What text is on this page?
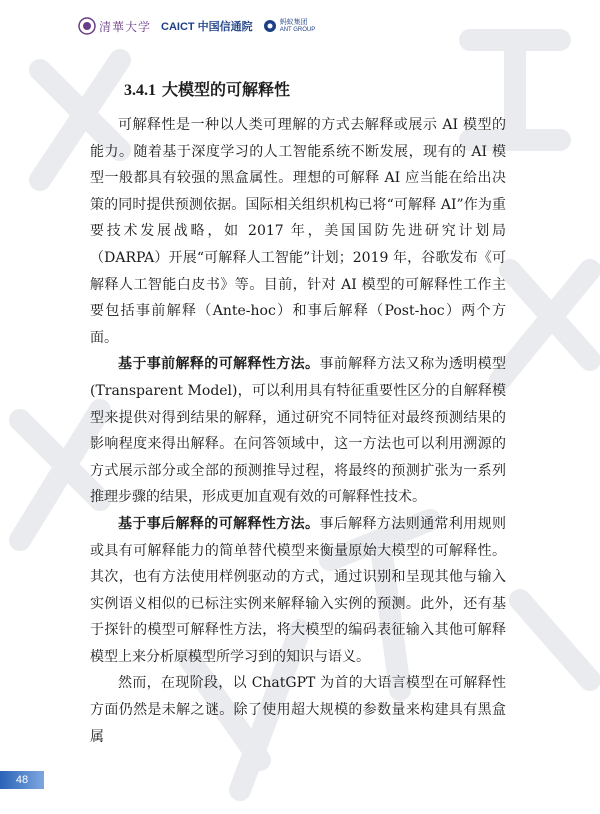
清華大学 CAICT 中国信通院	蚂蚁集团
ANT GROUP
3.4.1 大模型的可解释性

可解释性是一种以人类可理解的方式去解释或展示 AI 模型的能力。随着基于深度学习的人工智能系统不断发展，现有的 AI 模型一般都具有较强的黑盒属性。理想的可解释 AI 应当能在给出决策的同时提供预测依据。国际相关组织机构已将“可解释 AI”作为重要技术发展战略，如 2017 年，美国国防先进研究计划局（DARPA）开展“可解释人工智能”计划；2019 年，谷歌发布《可解释人工智能白皮书》等。目前，针对 AI 模型的可解释性工作主要包括事前解释（Ante-hoc）和事后解释（Post-hoc）两个方面。

基于事前解释的可解释性方法。事前解释方法又称为透明模型 (Transparent Model)，可以利用具有特征重要性区分的自解释模型来提供对得到结果的解释，通过研究不同特征对最终预测结果的影响程度来得出解释。在问答领域中，这一方法也可以利用溯源的方式展示部分或全部的预测推导过程，将最终的预测扩张为一系列推理步骤的结果，形成更加直观有效的可解释性技术。

基于事后解释的可解释性方法。事后解释方法则通常利用规则或具有可解释能力的简单替代模型来衡量原始大模型的可解释性。其次，也有方法使用样例驱动的方式，通过识别和呈现其他与输入实例语义相似的已标注实例来解释输入实例的预测。此外，还有基于探针的模型可解释性方法，将大模型的编码表征输入其他可解释模型上来分析原模型所学习到的知识与语义。

然而，在现阶段，以 ChatGPT 为首的大语言模型在可解释性方面仍然是未解之谜。除了使用超大规模的参数量来构建具有黑盒属

48
